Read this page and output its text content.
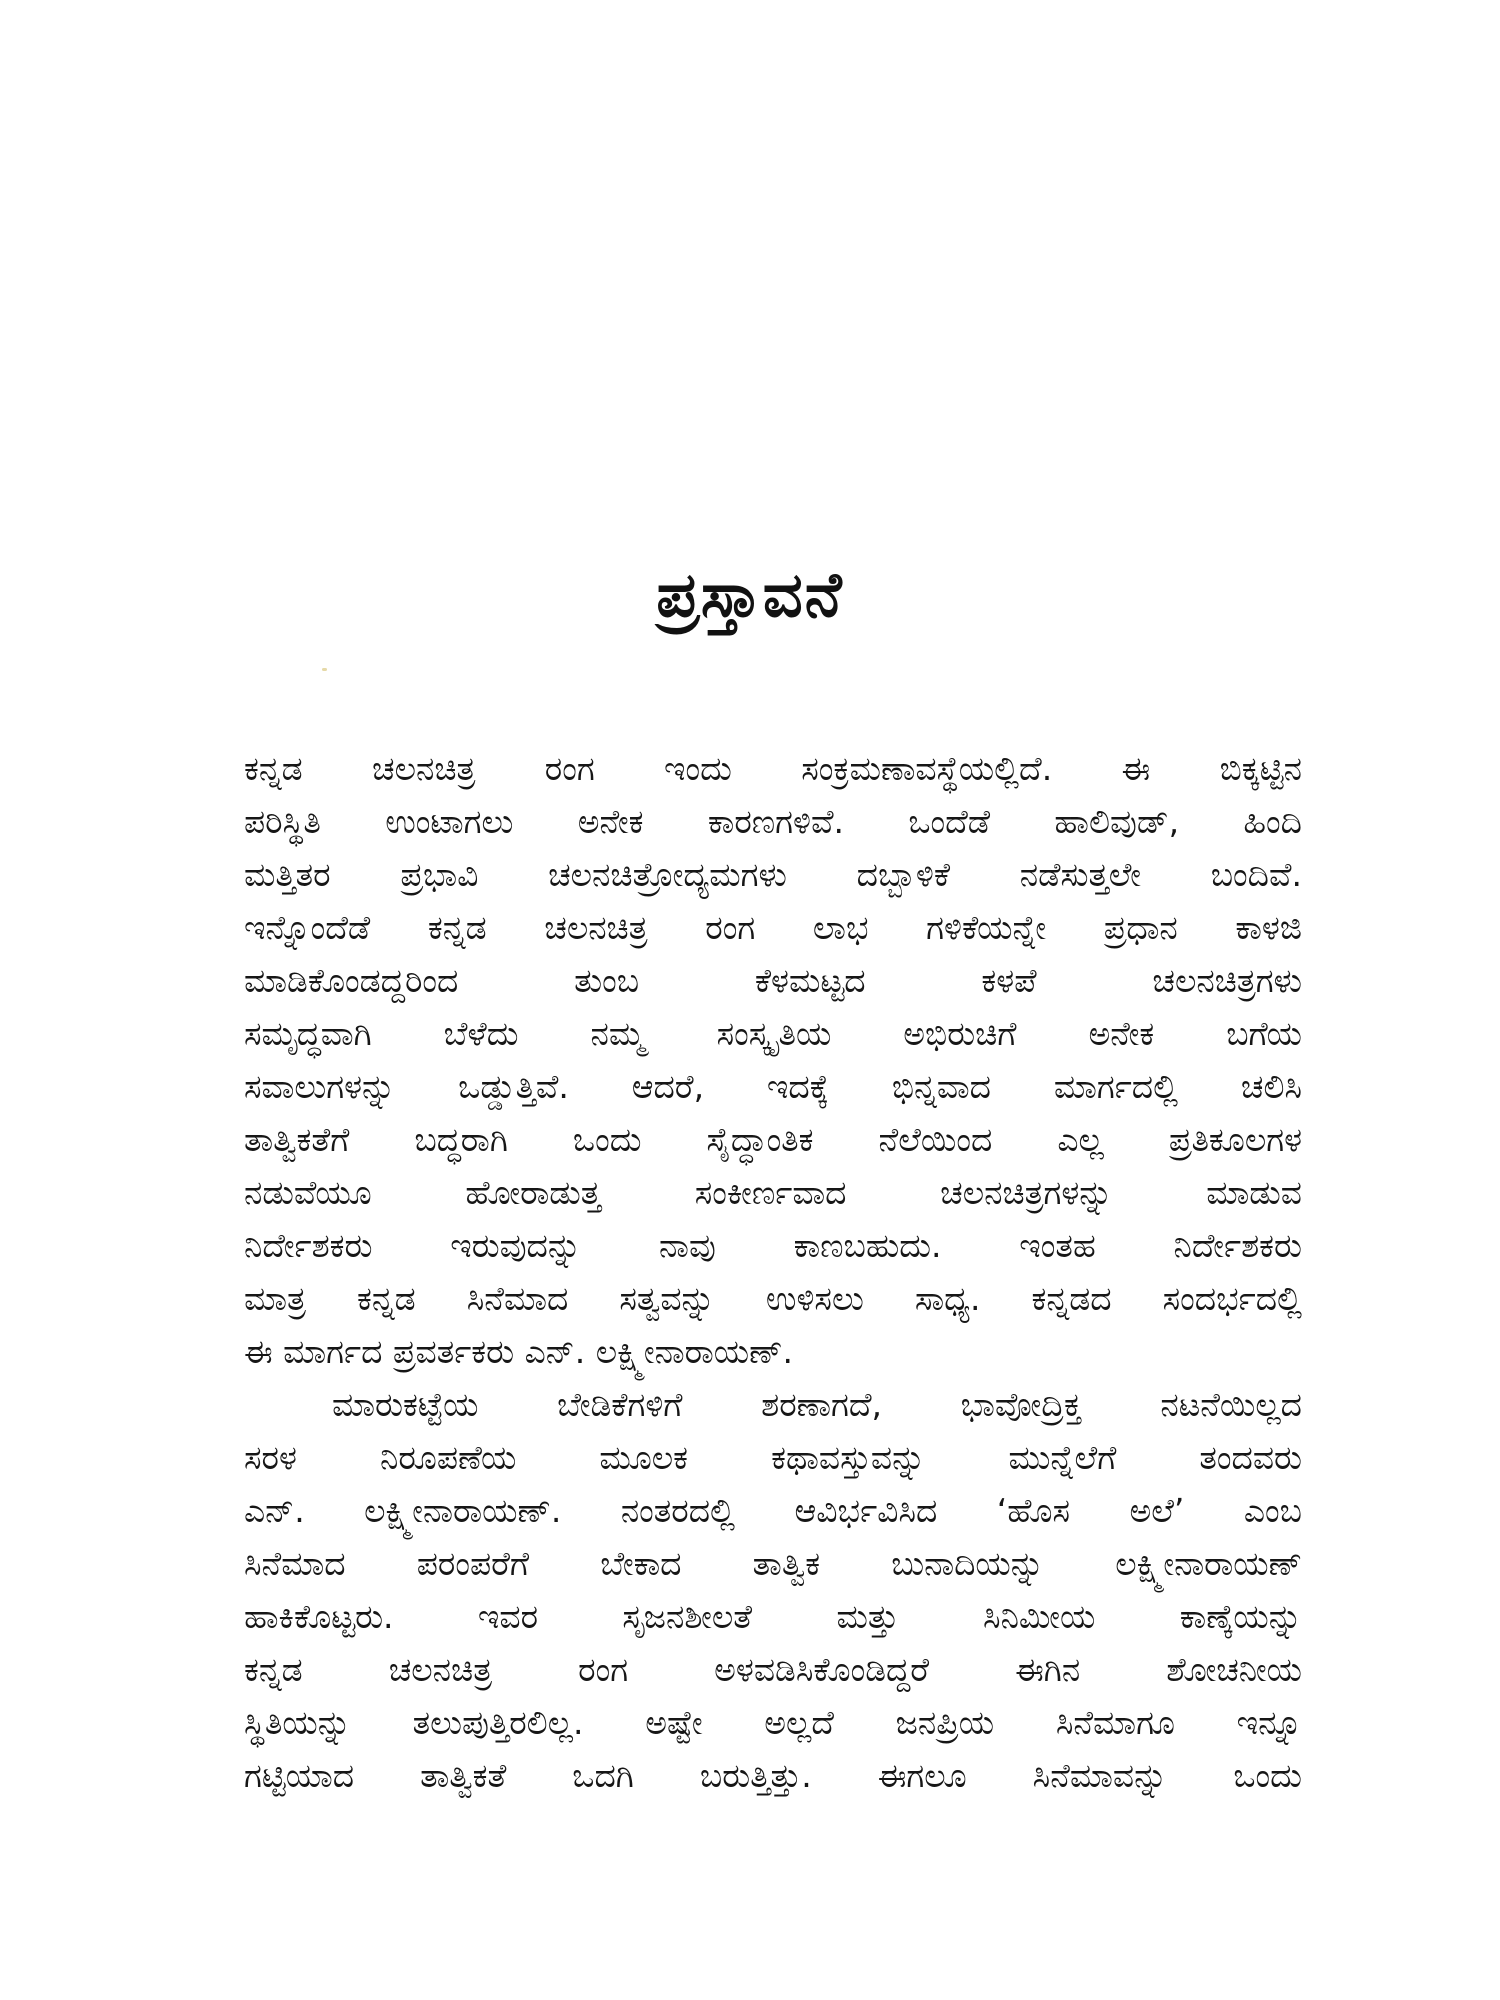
ಪ್ರಸ್ತಾವನೆ
ಕನ್ನಡ ಚಲನಚಿತ್ರ ರಂಗ ಇಂದು ಸಂಕ್ರಮಣಾವಸ್ಥೆಯಲ್ಲಿದೆ. ಈ ಬಿಕ್ಕಟ್ಟಿನ
ಪರಿಸ್ಥಿತಿ ಉಂಟಾಗಲು ಅನೇಕ ಕಾರಣಗಳಿವೆ. ಒಂದೆಡೆ ಹಾಲಿವುಡ್, ಹಿಂದಿ
ಮತ್ತಿತರ ಪ್ರಭಾವಿ ಚಲನಚಿತ್ರೋದ್ಯಮಗಳು ದಬ್ಬಾಳಿಕೆ ನಡೆಸುತ್ತಲೇ ಬಂದಿವೆ.
ಇನ್ನೊಂದೆಡೆ ಕನ್ನಡ ಚಲನಚಿತ್ರ ರಂಗ ಲಾಭ ಗಳಿಕೆಯನ್ನೇ ಪ್ರಧಾನ ಕಾಳಜಿ
ಮಾಡಿಕೊಂಡದ್ದರಿಂದ ತುಂಬ ಕೆಳಮಟ್ಟದ ಕಳಪೆ ಚಲನಚಿತ್ರಗಳು
ಸಮೃದ್ಧವಾಗಿ ಬೆಳೆದು ನಮ್ಮ ಸಂಸ್ಕೃತಿಯ ಅಭಿರುಚಿಗೆ ಅನೇಕ ಬಗೆಯ
ಸವಾಲುಗಳನ್ನು ಒಡ್ಡುತ್ತಿವೆ. ಆದರೆ, ಇದಕ್ಕೆ ಭಿನ್ನವಾದ ಮಾರ್ಗದಲ್ಲಿ ಚಲಿಸಿ
ತಾತ್ವಿಕತೆಗೆ ಬದ್ಧರಾಗಿ ಒಂದು ಸೈದ್ಧಾಂತಿಕ ನೆಲೆಯಿಂದ ಎಲ್ಲ ಪ್ರತಿಕೂಲಗಳ
ನಡುವೆಯೂ ಹೋರಾಡುತ್ತ ಸಂಕೀರ್ಣವಾದ ಚಲನಚಿತ್ರಗಳನ್ನು ಮಾಡುವ
ನಿರ್ದೇಶಕರು ಇರುವುದನ್ನು ನಾವು ಕಾಣಬಹುದು. ಇಂತಹ ನಿರ್ದೇಶಕರು
ಮಾತ್ರ ಕನ್ನಡ ಸಿನೆಮಾದ ಸತ್ವವನ್ನು ಉಳಿಸಲು ಸಾಧ್ಯ. ಕನ್ನಡದ ಸಂದರ್ಭದಲ್ಲಿ
ಈ ಮಾರ್ಗದ ಪ್ರವರ್ತಕರು ಎನ್. ಲಕ್ಷ್ಮೀನಾರಾಯಣ್.
ಮಾರುಕಟ್ಟೆಯ ಬೇಡಿಕೆಗಳಿಗೆ ಶರಣಾಗದೆ, ಭಾವೋದ್ರಿಕ್ತ ನಟನೆಯಿಲ್ಲದ
ಸರಳ ನಿರೂಪಣೆಯ ಮೂಲಕ ಕಥಾವಸ್ತುವನ್ನು ಮುನ್ನೆಲೆಗೆ ತಂದವರು
ಎನ್. ಲಕ್ಷ್ಮೀನಾರಾಯಣ್. ನಂತರದಲ್ಲಿ ಆವಿರ್ಭವಿಸಿದ ‘ಹೊಸ ಅಲೆ’ ಎಂಬ
ಸಿನೆಮಾದ ಪರಂಪರೆಗೆ ಬೇಕಾದ ತಾತ್ವಿಕ ಬುನಾದಿಯನ್ನು ಲಕ್ಷ್ಮೀನಾರಾಯಣ್
ಹಾಕಿಕೊಟ್ಟರು. ಇವರ ಸೃಜನಶೀಲತೆ ಮತ್ತು ಸಿನಿಮೀಯ ಕಾಣ್ಕೆಯನ್ನು
ಕನ್ನಡ ಚಲನಚಿತ್ರ ರಂಗ ಅಳವಡಿಸಿಕೊಂಡಿದ್ದರೆ ಈಗಿನ ಶೋಚನೀಯ
ಸ್ಥಿತಿಯನ್ನು ತಲುಪುತ್ತಿರಲಿಲ್ಲ. ಅಷ್ಟೇ ಅಲ್ಲದೆ ಜನಪ್ರಿಯ ಸಿನೆಮಾಗೂ ಇನ್ನೂ
ಗಟ್ಟಿಯಾದ ತಾತ್ವಿಕತೆ ಒದಗಿ ಬರುತ್ತಿತ್ತು. ಈಗಲೂ ಸಿನೆಮಾವನ್ನು ಒಂದು
